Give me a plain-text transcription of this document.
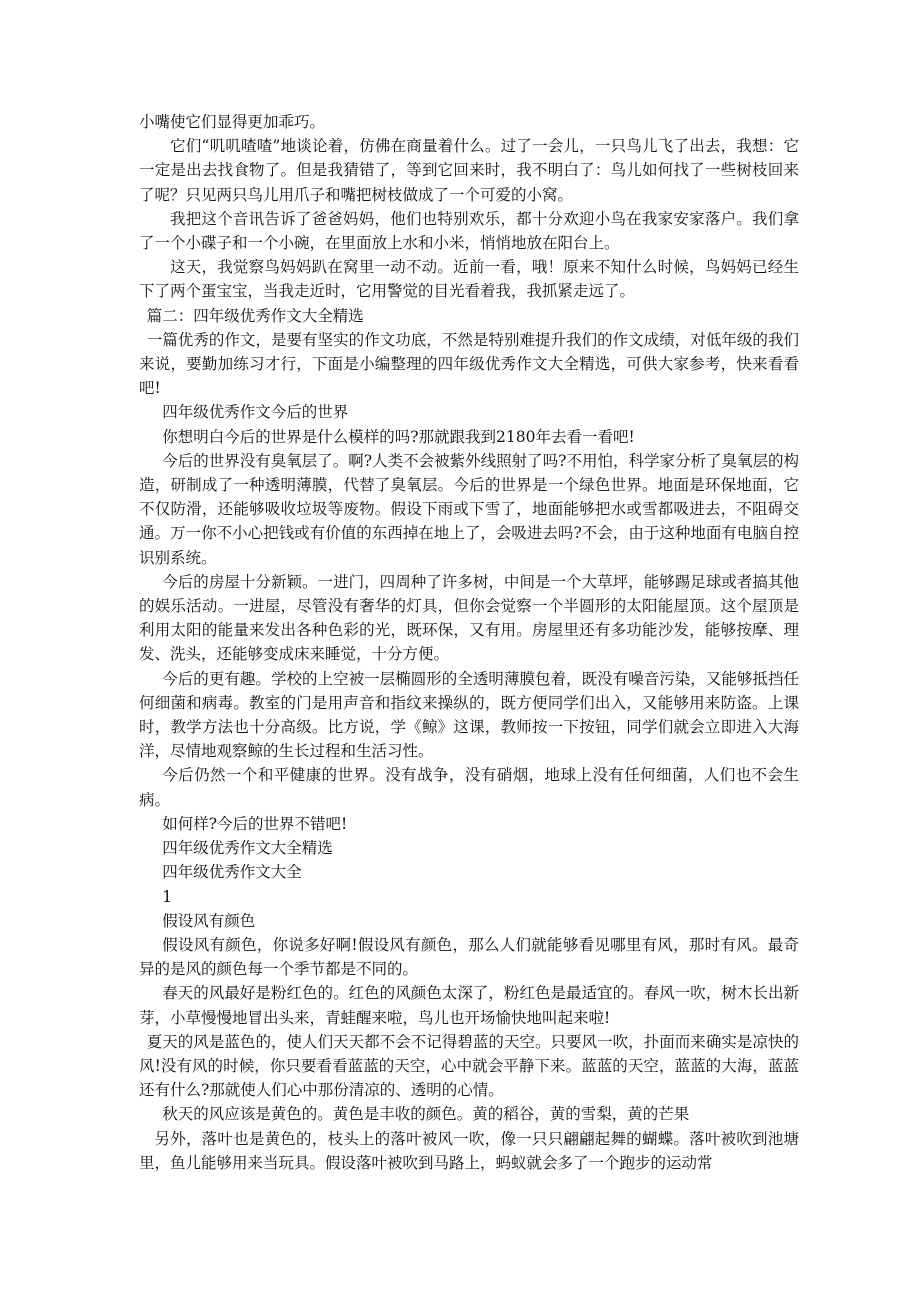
小嘴使它们显得更加乖巧。

它们“叽叽喳喳”地谈论着，仿佛在商量着什么。过了一会儿，一只鸟儿飞了出去，我想：它一定是出去找食物了。但是我猜错了，等到它回来时，我不明白了：鸟儿如何找了一些树枝回来了呢？只见两只鸟儿用爪子和嘴把树枝做成了一个可爱的小窝。

我把这个音讯告诉了爸爸妈妈，他们也特别欢乐，都十分欢迎小鸟在我家安家落户。我们拿了一个小碟子和一个小碗，在里面放上水和小米，悄悄地放在阳台上。

这天，我觉察鸟妈妈趴在窝里一动不动。近前一看，哦！原来不知什么时候，鸟妈妈已经生下了两个蛋宝宝，当我走近时，它用警觉的目光看着我，我抓紧走远了。

篇二：四年级优秀作文大全精选

一篇优秀的作文，是要有坚实的作文功底，不然是特别难提升我们的作文成绩，对低年级的我们来说，要勤加练习才行，下面是小编整理的四年级优秀作文大全精选，可供大家参考，快来看看吧!

四年级优秀作文今后的世界

你想明白今后的世界是什么模样的吗?那就跟我到2180年去看一看吧!

今后的世界没有臭氧层了。啊?人类不会被紫外线照射了吗?不用怕，科学家分析了臭氧层的构造，研制成了一种透明薄膜，代替了臭氧层。今后的世界是一个绿色世界。地面是环保地面，它不仅防滑，还能够吸收垃圾等废物。假设下雨或下雪了，地面能够把水或雪都吸进去，不阻碍交通。万一你不小心把钱或有价值的东西掉在地上了，会吸进去吗?不会，由于这种地面有电脑自控识别系统。

今后的房屋十分新颖。一进门，四周种了许多树，中间是一个大草坪，能够踢足球或者搞其他的娱乐活动。一进屋，尽管没有奢华的灯具，但你会觉察一个半圆形的太阳能屋顶。这个屋顶是利用太阳的能量来发出各种色彩的光，既环保，又有用。房屋里还有多功能沙发，能够按摩、理发、洗头，还能够变成床来睡觉，十分方便。

今后的更有趣。学校的上空被一层椭圆形的全透明薄膜包着，既没有噪音污染，又能够抵挡任何细菌和病毒。教室的门是用声音和指纹来操纵的，既方便同学们出入，又能够用来防盗。上课时，教学方法也十分高级。比方说，学《鲸》这课，教师按一下按钮，同学们就会立即进入大海洋，尽情地观察鲸的生长过程和生活习性。

今后仍然一个和平健康的世界。没有战争，没有硝烟，地球上没有任何细菌，人们也不会生病。

如何样?今后的世界不错吧!

四年级优秀作文大全精选

四年级优秀作文大全

1

假设风有颜色

假设风有颜色，你说多好啊!假设风有颜色，那么人们就能够看见哪里有风，那时有风。最奇异的是风的颜色每一个季节都是不同的。

春天的风最好是粉红色的。红色的风颜色太深了，粉红色是最适宜的。春风一吹，树木长出新芽，小草慢慢地冒出头来，青蛙醒来啦，鸟儿也开场愉快地叫起来啦!

夏天的风是蓝色的，使人们天天都不会不记得碧蓝的天空。只要风一吹，扑面而来确实是凉快的风!没有风的时候，你只要看看蓝蓝的天空，心中就会平静下来。蓝蓝的天空，蓝蓝的大海，蓝蓝还有什么?那就使人们心中那份清凉的、透明的心情。

秋天的风应该是黄色的。黄色是丰收的颜色。黄的稻谷，黄的雪梨，黄的芒果

另外，落叶也是黄色的，枝头上的落叶被风一吹，像一只只翩翩起舞的蝴蝶。落叶被吹到池塘里，鱼儿能够用来当玩具。假设落叶被吹到马路上，蚂蚁就会多了一个跑步的运动常
